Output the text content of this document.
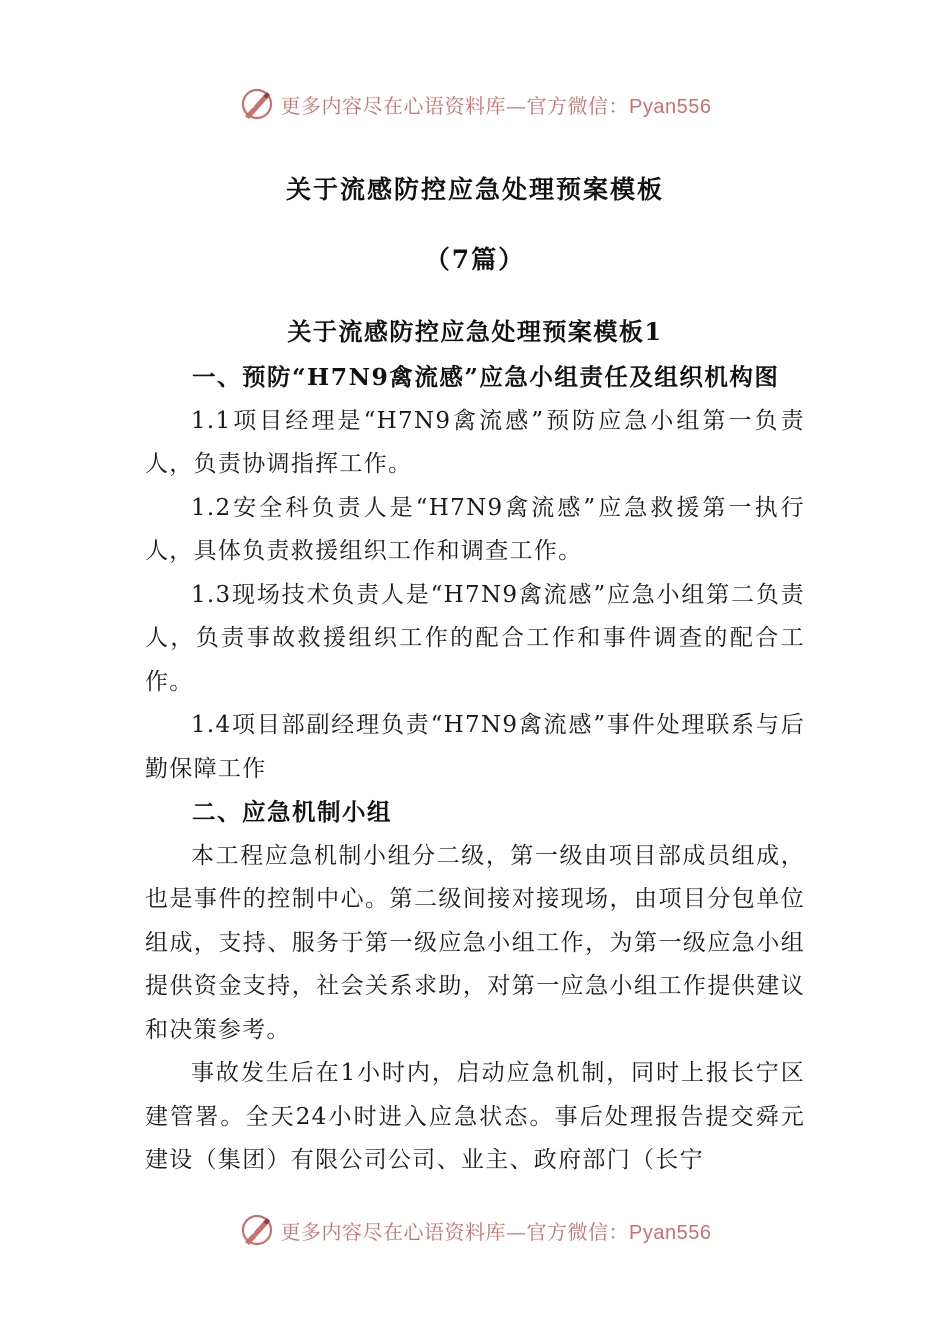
更多内容尽在心语资料库—官方微信：Pyan556
关于流感防控应急处理预案模板
（7篇）
关于流感防控应急处理预案模板1
一、预防“H7N9禽流感”应急小组责任及组织机构图

1.1项目经理是“H7N9禽流感”预防应急小组第一负责人，负责协调指挥工作。

1.2安全科负责人是“H7N9禽流感”应急救援第一执行人，具体负责救援组织工作和调查工作。

1.3现场技术负责人是“H7N9禽流感”应急小组第二负责人，负责事故救援组织工作的配合工作和事件调查的配合工作。

1.4项目部副经理负责“H7N9禽流感”事件处理联系与后勤保障工作

二、应急机制小组

本工程应急机制小组分二级，第一级由项目部成员组成，也是事件的控制中心。第二级间接对接现场，由项目分包单位组成，支持、服务于第一级应急小组工作，为第一级应急小组提供资金支持，社会关系求助，对第一应急小组工作提供建议和决策参考。

事故发生后在1小时内，启动应急机制，同时上报长宁区建管署。全天24小时进入应急状态。事后处理报告提交舜元建设（集团）有限公司公司、业主、政府部门（长宁

更多内容尽在心语资料库—官方微信：Pyan556
